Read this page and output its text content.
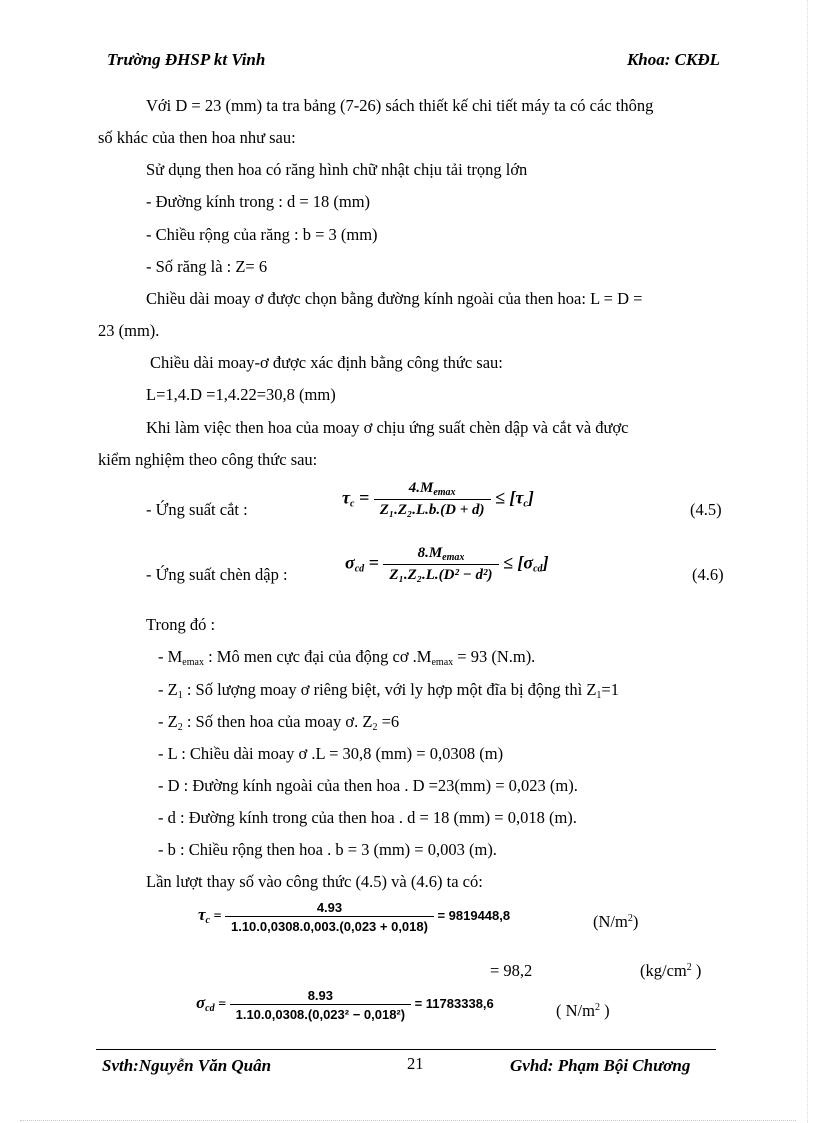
Trường ĐHSP kt Vinh	Khoa: CKĐL
Với D = 23 (mm) ta tra bảng (7-26) sách thiết kế chi tiết máy ta có các thông
số khác của then hoa như sau:
Sử dụng then hoa có răng hình chữ nhật chịu tải trọng lớn
- Đường kính trong : d = 18 (mm)
- Chiều rộng của răng : b = 3 (mm)
- Số răng là : Z= 6
Chiều dài moay ơ được chọn bằng đường kính ngoài của then hoa: L = D =
23 (mm).
Chiều dài moay-ơ được xác định bằng công thức sau:
L=1,4.D =1,4.22=30,8 (mm)
Khi làm việc then hoa của moay ơ chịu ứng suất chèn dập và cắt và được
kiểm nghiệm theo công thức sau:
- Ứng suất cắt :
$\tau_c = \frac{4.M_{emax}}{\text{Z₁.Z₂.L.b.(D + d)}} \le [\tau_c]$
(4.5)
- Ứng suất chèn dập :
$\sigma_{cd} = \frac{8.M_{emax}}{\text{Z₁.Z₂.L.(D² − d²)}} \le [\sigma_{cd}]$
(4.6)
Trong đó :
- $M_{emax}$ : Mô men cực đại của động cơ $.M_{emax} = 93$ (N.m).
- $Z_1$ : Số lượng moay ơ riêng biệt, với ly hợp một đĩa bị động thì $Z_1=1$
- $Z_2$ : Số then hoa của moay ơ. $Z_2 =6$
- L : Chiều dài moay ơ .L = 30,8 (mm) = 0,0308 (m)
- D : Đường kính ngoài của then hoa . D =23(mm) = 0,023 (m).
- d : Đường kính trong của then hoa . d = 18 (mm) = 0,018 (m).
- b : Chiều rộng then hoa . b = 3 (mm) = 0,003 (m).
Lần lượt thay số vào công thức (4.5) và (4.6) ta có:
$\tau_c = \frac{4.93}{1.10.0,0308.0,003.(0,023 + 0,018)} = 9819448,8$	$(N/m^2)$
= 98,2	($kg/cm^2$ )
$\sigma_{cd} = \frac{8.93}{\text{1.10.0,0308.(0,023² − 0,018²)}} = 11783338,6$	( $N/m^2$ )
Svth:Nguyễn Văn Quân	21	Gvhd: Phạm Bội Chương
